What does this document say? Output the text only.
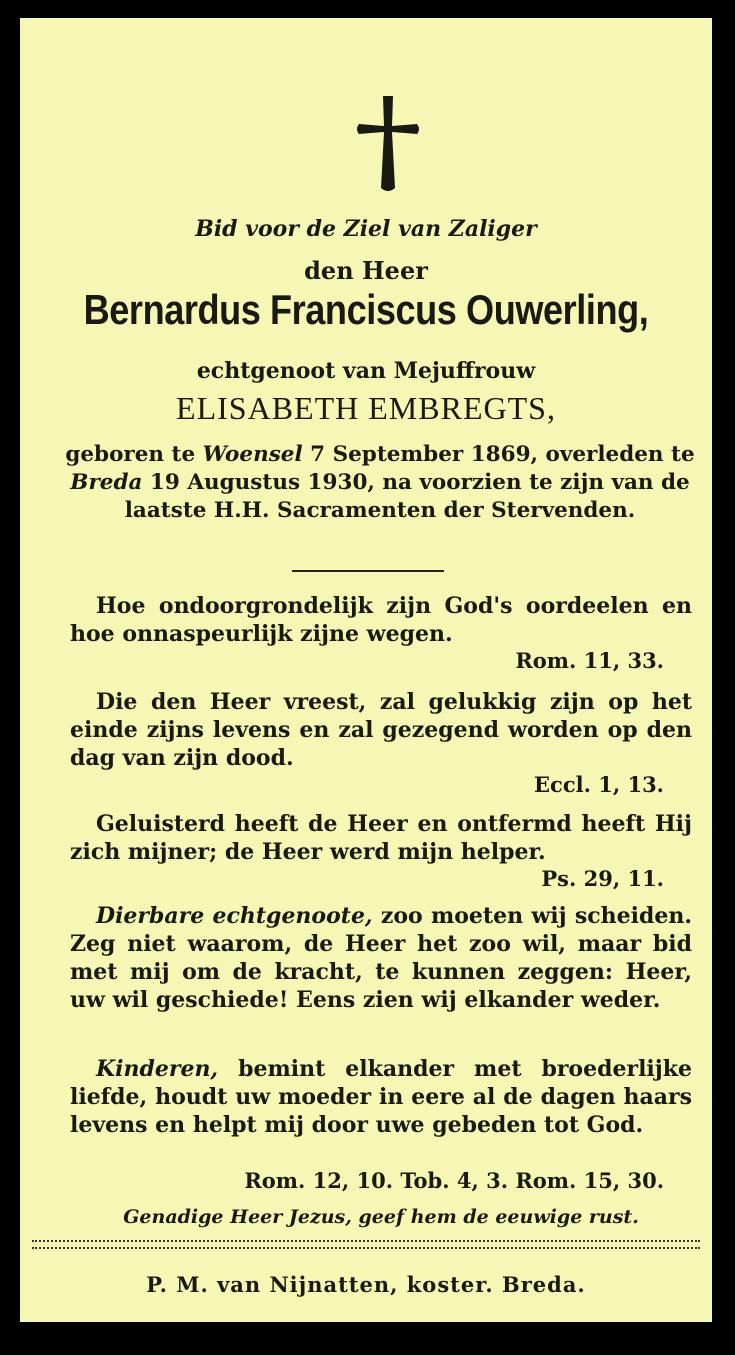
Bid voor de Ziel van Zaliger
den Heer
Bernardus Franciscus Ouwerling,
echtgenoot van Mejuffrouw
ELISABETH EMBREGTS,
geboren te Woensel 7 September 1869, overleden te Breda 19 Augustus 1930, na voorzien te zijn van de laatste H.H. Sacramenten der Stervenden.
Hoe ondoorgrondelijk zijn God's oordeelen en hoe onnaspeurlijk zijne wegen.
Rom. 11, 33.
Die den Heer vreest, zal gelukkig zijn op het einde zijns levens en zal gezegend worden op den dag van zijn dood.
Eccl. 1, 13.
Geluisterd heeft de Heer en ontfermd heeft Hij zich mijner; de Heer werd mijn helper.
Ps. 29, 11.
Dierbare echtgenoote, zoo moeten wij scheiden. Zeg niet waarom, de Heer het zoo wil, maar bid met mij om de kracht, te kunnen zeggen: Heer, uw wil geschiede! Eens zien wij elkander weder.
Kinderen, bemint elkander met broederlijke liefde, houdt uw moeder in eere al de dagen haars levens en helpt mij door uwe gebeden tot God.
Rom. 12, 10. Tob. 4, 3. Rom. 15, 30.
Genadige Heer Jezus, geef hem de eeuwige rust.
P. M. van Nijnatten, koster. Breda.
